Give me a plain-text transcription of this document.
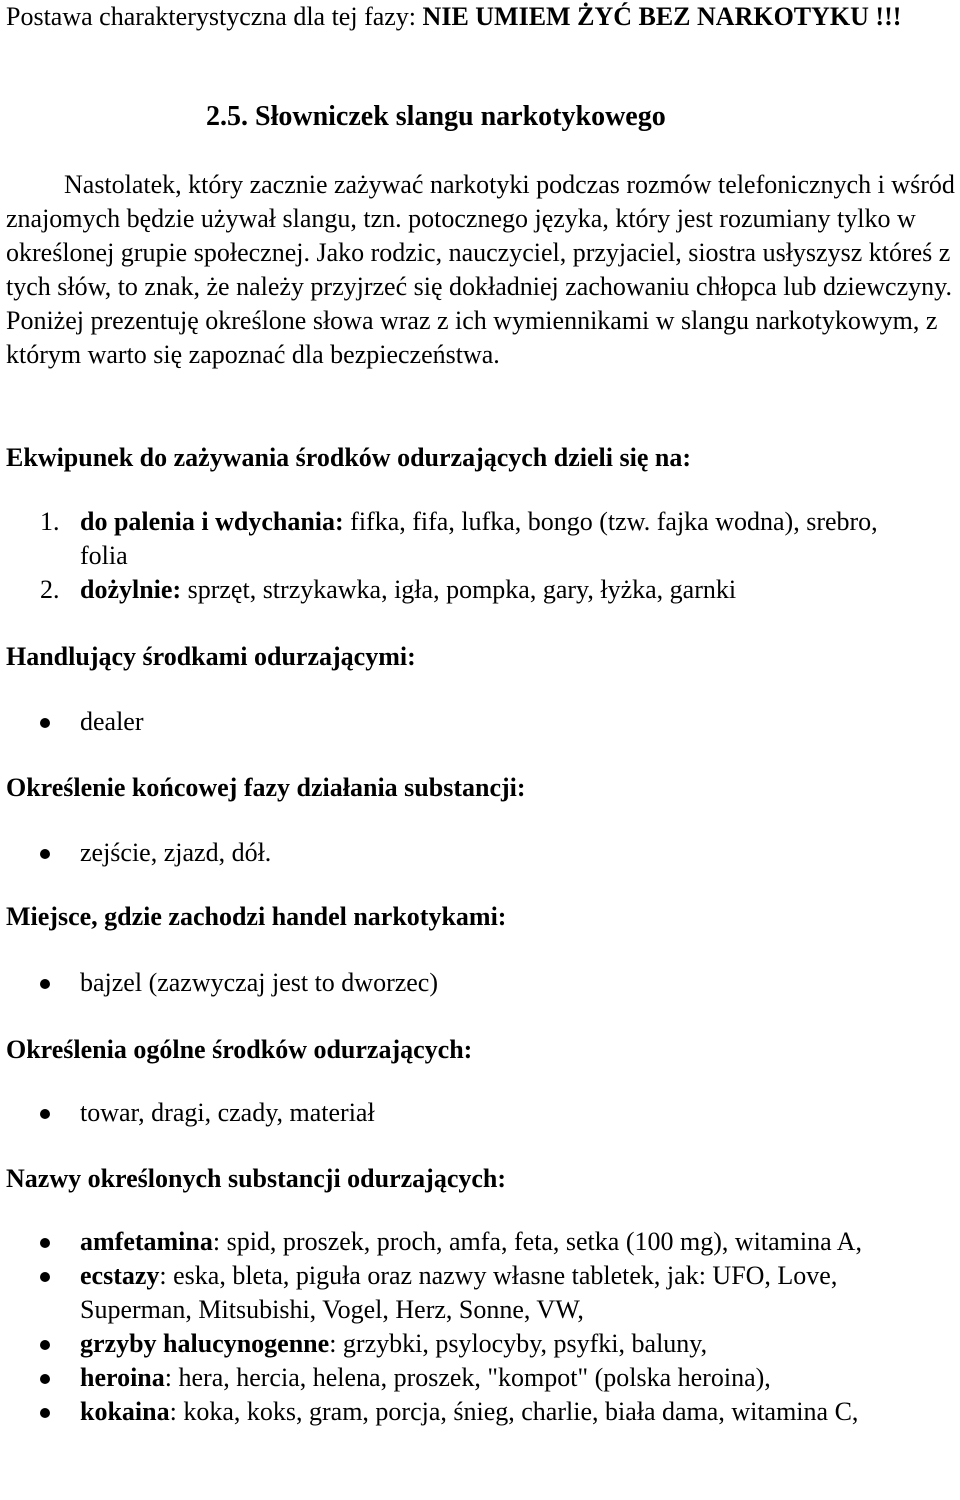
Postawa charakterystyczna dla tej fazy: NIE UMIEM ŻYĆ BEZ NARKOTYKU !!!

2.5. Słowniczek slangu narkotykowego

Nastolatek, który zacznie zażywać narkotyki podczas rozmów telefonicznych i wśród znajomych będzie używał slangu, tzn. potocznego języka, który jest rozumiany tylko w określonej grupie społecznej. Jako rodzic, nauczyciel, przyjaciel, siostra usłyszysz któreś z tych słów, to znak, że należy przyjrzeć się dokładniej zachowaniu chłopca lub dziewczyny. Poniżej prezentuję określone słowa wraz z ich wymiennikami w slangu narkotykowym, z którym warto się zapoznać dla bezpieczeństwa.

Ekwipunek do zażywania środków odurzających dzieli się na:

1. do palenia i wdychania: fifka, fifa, lufka, bongo (tzw. fajka wodna), srebro, folia
2. dożylnie: sprzęt, strzykawka, igła, pompka, gary, łyżka, garnki

Handlujący środkami odurzającymi:

dealer

Określenie końcowej fazy działania substancji:

zejście, zjazd, dół.

Miejsce, gdzie zachodzi handel narkotykami:

bajzel (zazwyczaj jest to dworzec)

Określenia ogólne środków odurzających:

towar, dragi, czady, materiał

Nazwy określonych substancji odurzających:

amfetamina: spid, proszek, proch, amfa, feta, setka (100 mg), witamina A,
ecstazy: eska, bleta, piguła oraz nazwy własne tabletek, jak: UFO, Love, Superman, Mitsubishi, Vogel, Herz, Sonne, VW,
grzyby halucynogenne: grzybki, psylocyby, psyfki, baluny,
heroina: hera, hercia, helena, proszek, "kompot" (polska heroina),
kokaina: koka, koks, gram, porcja, śnieg, charlie, biała dama, witamina C,
